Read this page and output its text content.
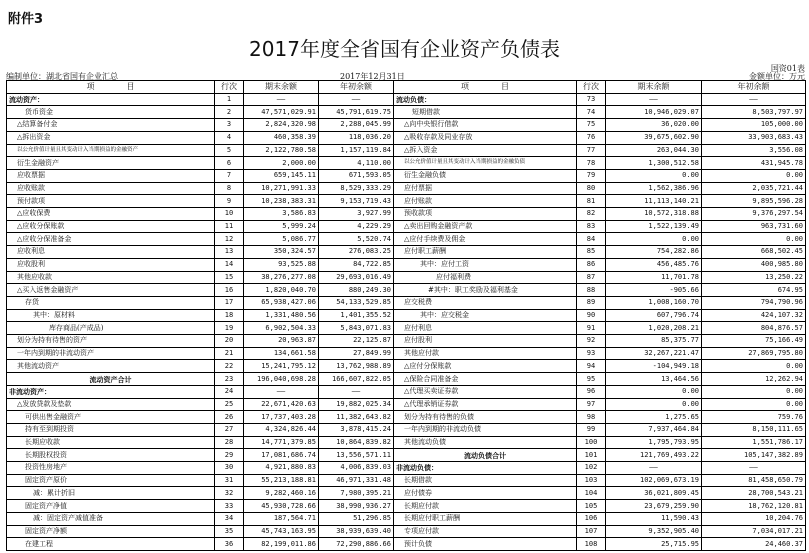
附件3
2017年度全省国有企业资产负债表
国资01表
编制单位：湖北省国有企业汇总	2017年12月31日	金额单位：万元
项　　　　目	行次	期末余额	年初余额	项　　　　目	行次	期末余额	年初余额
流动资产：	1	——	——	流动负债：	73	——	——
货币资金	2	47,571,029.91	45,791,619.75	短期借款	74	10,946,029.07	8,503,797.97
△结算备付金	3	2,824,320.98	2,288,045.99	△向中央银行借款	75	36,020.00	105,000.00
△拆出资金	4	460,358.39	118,036.20	△吸收存款及同业存放	76	39,675,602.90	33,903,683.43
以公允价值计量且其变动计入当期损益的金融资产	5	2,122,780.58	1,157,119.84	△拆入资金	77	263,044.30	3,556.08
衍生金融资产	6	2,000.00	4,110.00	以公允价值计量且其变动计入当期损益的金融负债	78	1,300,512.58	431,945.78
应收票据	7	659,145.11	671,593.05	衍生金融负债	79	0.00	0.00
应收账款	8	10,271,991.33	8,529,333.29	应付票据	80	1,562,386.96	2,035,721.44
预付款项	9	10,238,383.31	9,153,719.43	应付账款	81	11,113,140.21	9,895,596.28
△应收保费	10	3,586.83	3,927.99	预收款项	82	10,572,318.88	9,376,297.54
△应收分保账款	11	5,999.24	4,229.29	△卖出回购金融资产款	83	1,522,139.49	963,731.60
△应收分保准备金	12	5,086.77	5,520.74	△应付手续费及佣金	84	0.00	0.00
应收利息	13	350,324.57	276,083.25	应付职工薪酬	85	754,282.86	668,502.45
应收股利	14	93,525.88	84,722.85	其中：应付工资	86	456,485.76	400,985.80
其他应收款	15	38,276,277.08	29,693,016.49	应付福利费	87	11,701.78	13,250.22
△买入返售金融资产	16	1,820,040.70	880,249.30	#其中：职工奖励及福利基金	88	-905.66	674.95
存货	17	65,938,427.06	54,133,529.85	应交税费	89	1,008,160.70	794,790.96
其中：原材料	18	1,331,480.56	1,401,355.52	其中：应交税金	90	607,796.74	424,107.32
库存商品(产成品)	19	6,902,504.33	5,843,071.83	应付利息	91	1,020,208.21	804,876.57
划分为持有待售的资产	20	20,963.87	22,125.87	应付股利	92	85,375.77	75,166.49
一年内到期的非流动资产	21	134,661.58	27,849.99	其他应付款	93	32,267,221.47	27,869,795.80
其他流动资产	22	15,241,795.12	13,762,988.89	△应付分保账款	94	-104,949.18	0.00
流动资产合计	23	196,040,698.28	166,607,822.05	△保险合同准备金	95	13,464.56	12,262.94
非流动资产：	24	——	——	△代理买卖证券款	96	0.00	0.00
△发放贷款及垫款	25	22,671,420.63	19,882,025.34	△代理承销证券款	97	0.00	0.00
可供出售金融资产	26	17,737,403.28	11,382,643.82	划分为持有待售的负债	98	1,275.65	759.76
持有至到期投资	27	4,324,826.44	3,878,415.24	一年内到期的非流动负债	99	7,937,464.84	8,150,111.65
长期应收款	28	14,771,379.85	10,864,839.82	其他流动负债	100	1,795,793.95	1,551,786.17
长期股权投资	29	17,081,686.74	13,556,571.11	流动负债合计	101	121,769,493.22	105,147,382.89
投资性房地产	30	4,921,880.83	4,006,839.03 非流动负债：	102	——	——
固定资产原价	31	55,213,188.81	46,971,331.48	长期借款	103	102,069,673.19	81,458,650.79
减：累计折旧	32	9,282,460.16	7,980,395.21	应付债券	104	36,021,809.45	28,700,543.21
固定资产净值	33	45,930,728.66	38,990,936.27	长期应付款	105	23,679,259.90	18,762,120.81
减：固定资产减值准备	34	187,564.71	51,296.85	长期应付职工薪酬	106	11,590.43	10,204.76
固定资产净额	35	45,743,163.95	38,939,639.40	专项应付款	107	9,352,905.40	7,034,017.21
在建工程	36	82,199,011.86	72,290,886.66	预计负债	108	25,715.95	24,460.37
